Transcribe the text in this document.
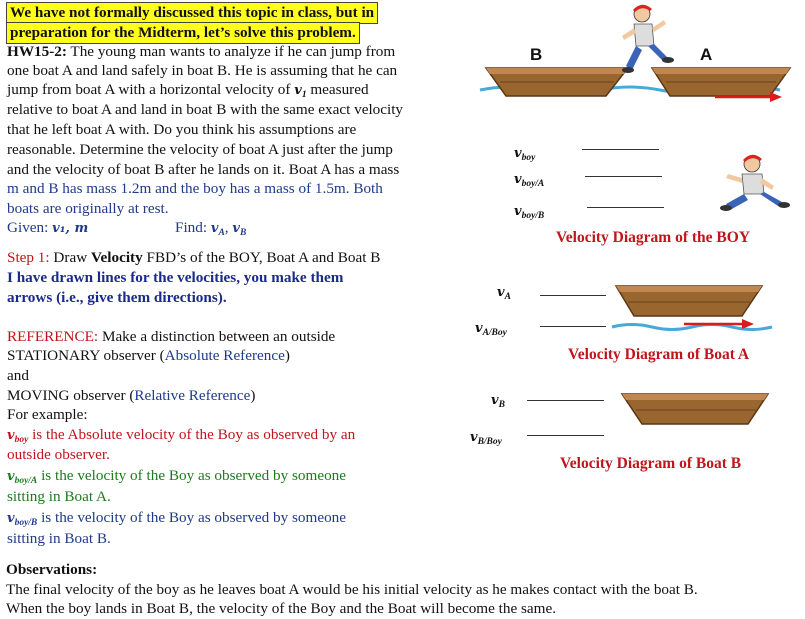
We have not formally discussed this topic in class, but in
preparation for the Midterm, let’s solve this problem.
HW15-2: The young man wants to analyze if he can jump from
one boat A and land safely in boat B. He is assuming that he can
jump from boat A with a horizontal velocity of $v_1$ measured
relative to boat A and land in boat B with the same exact velocity
that he left boat A with. Do you think his assumptions are
reasonable. Determine the velocity of boat A just after the jump
and the velocity of boat B after he lands on it. Boat A has a mass
m and B has mass 1.2m and the boy has a mass of 1.5m. Both
boats are originally at rest.
Given: v₁, m	Find: $v_A$, $v_B$
Step 1: Draw Velocity FBD’s of the BOY, Boat A and Boat B
I have drawn lines for the velocities, you make them
arrows (i.e., give them directions).
REFERENCE: Make a distinction between an outside
STATIONARY observer (Absolute Reference)
and
MOVING observer (Relative Reference)
For example:
$v_{boy}$ is the Absolute velocity of the Boy as observed by an
outside observer.
$v_{boy/A}$ is the velocity of the Boy as observed by someone
sitting in Boat A.
$v_{boy/B}$ is the velocity of the Boy as observed by someone
sitting in Boat B.
B	A
$v_{boy}$
$v_{boy/A}$
$v_{boy/B}$
Velocity Diagram of the BOY
$v_A$
$v_{A/Boy}$
Velocity Diagram of Boat A
$v_B$
$v_{B/Boy}$
Velocity Diagram of Boat B
Observations:
The final velocity of the boy as he leaves boat A would be his initial velocity as he makes contact with the boat B.
When the boy lands in Boat B, the velocity of the Boy and the Boat will become the same.
